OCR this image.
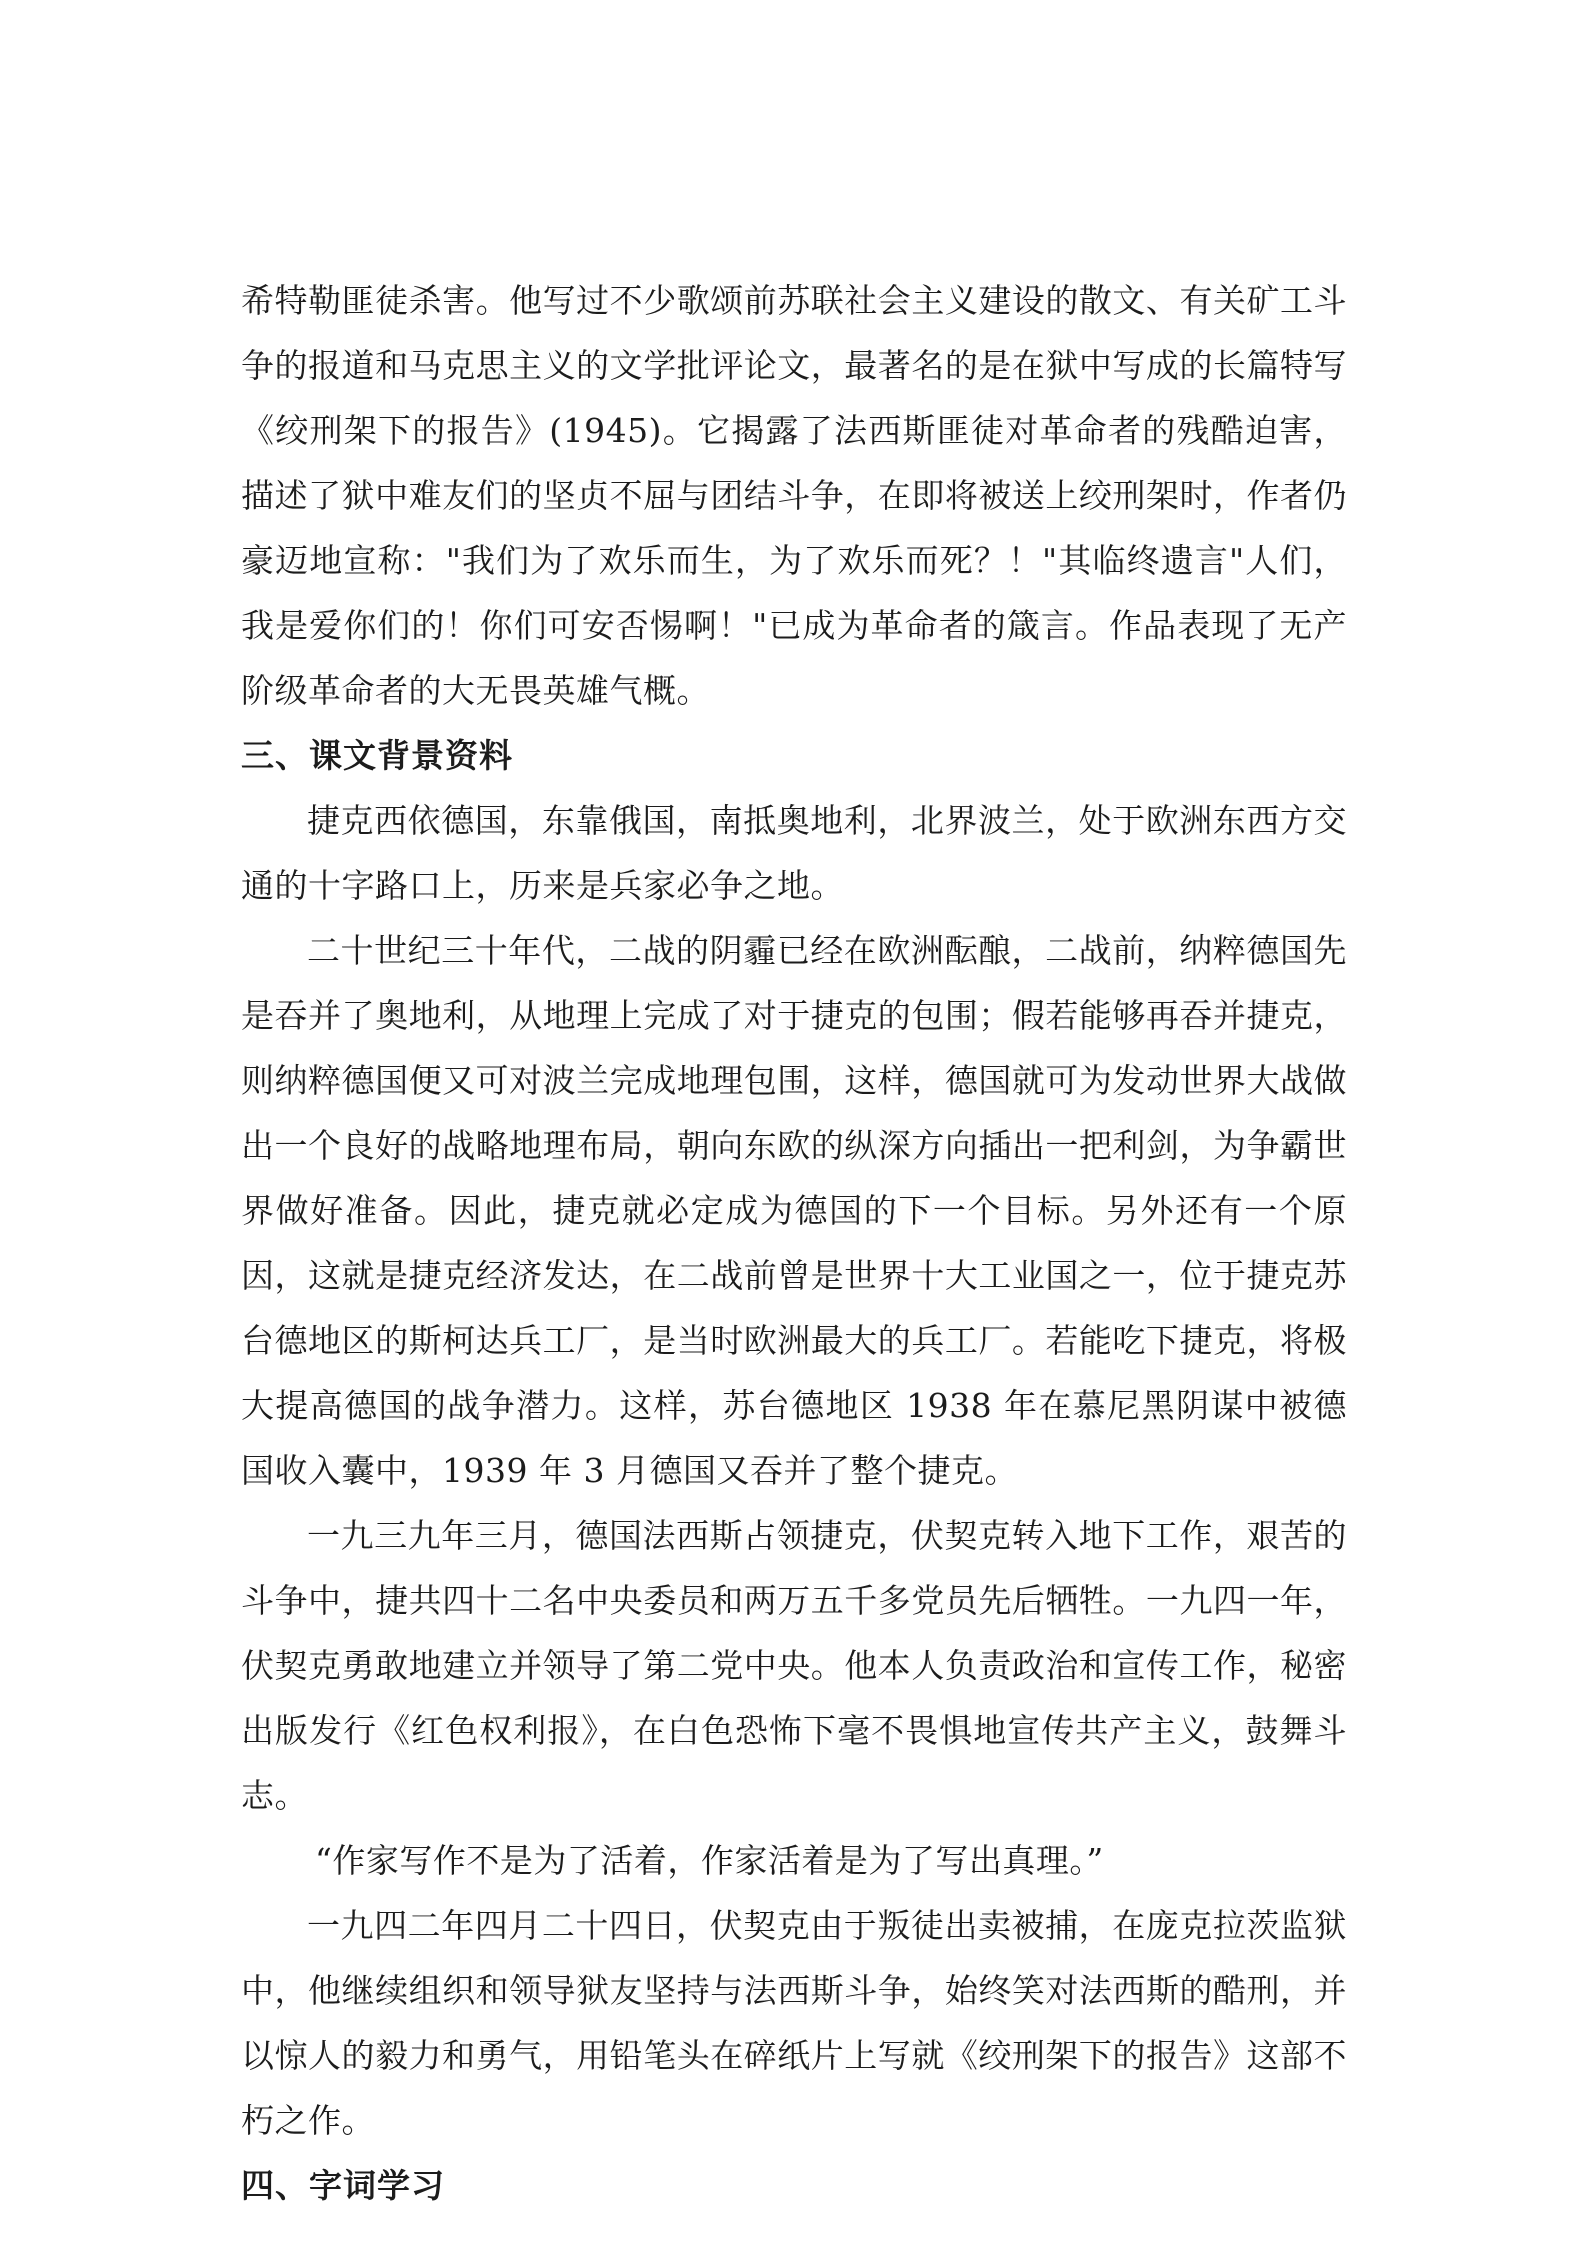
希特勒匪徒杀害。他写过不少歌颂前苏联社会主义建设的散文、有关矿工斗争的报道和马克思主义的文学批评论文，最著名的是在狱中写成的长篇特写《绞刑架下的报告》(1945)。它揭露了法西斯匪徒对革命者的残酷迫害，描述了狱中难友们的坚贞不屈与团结斗争，在即将被送上绞刑架时，作者仍豪迈地宣称："我们为了欢乐而生，为了欢乐而死？！"其临终遗言"人们，我是爱你们的！你们可安否惕啊！"已成为革命者的箴言。作品表现了无产阶级革命者的大无畏英雄气概。

三、课文背景资料

捷克西依德国，东靠俄国，南抵奥地利，北界波兰，处于欧洲东西方交通的十字路口上，历来是兵家必争之地。

二十世纪三十年代，二战的阴霾已经在欧洲酝酿，二战前，纳粹德国先是吞并了奥地利，从地理上完成了对于捷克的包围；假若能够再吞并捷克，则纳粹德国便又可对波兰完成地理包围，这样，德国就可为发动世界大战做出一个良好的战略地理布局，朝向东欧的纵深方向插出一把利剑，为争霸世界做好准备。因此，捷克就必定成为德国的下一个目标。另外还有一个原因，这就是捷克经济发达，在二战前曾是世界十大工业国之一，位于捷克苏台德地区的斯柯达兵工厂，是当时欧洲最大的兵工厂。若能吃下捷克，将极大提高德国的战争潜力。这样，苏台德地区 1938 年在慕尼黑阴谋中被德国收入囊中，1939 年 3 月德国又吞并了整个捷克。

一九三九年三月，德国法西斯占领捷克，伏契克转入地下工作，艰苦的斗争中，捷共四十二名中央委员和两万五千多党员先后牺牲。一九四一年，伏契克勇敢地建立并领导了第二党中央。他本人负责政治和宣传工作，秘密出版发行《红色权利报》，在白色恐怖下毫不畏惧地宣传共产主义，鼓舞斗志。

“作家写作不是为了活着，作家活着是为了写出真理。”

一九四二年四月二十四日，伏契克由于叛徒出卖被捕，在庞克拉茨监狱中，他继续组织和领导狱友坚持与法西斯斗争，始终笑对法西斯的酷刑，并以惊人的毅力和勇气，用铅笔头在碎纸片上写就《绞刑架下的报告》这部不朽之作。

四、字词学习
